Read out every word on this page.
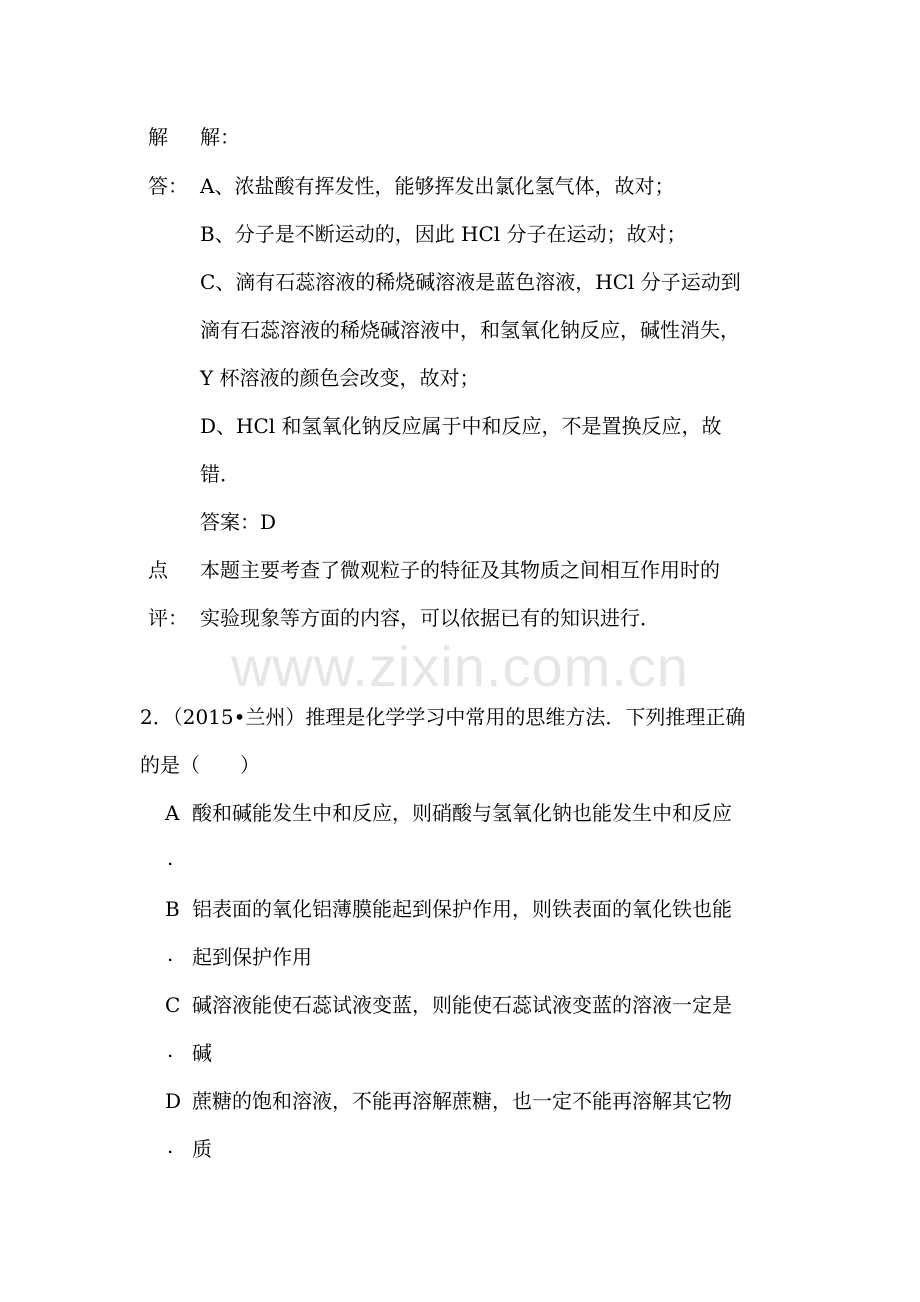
www.zixin.com.cn
解
答：
解：
A、浓盐酸有挥发性，能够挥发出氯化氢气体，故对；
B、分子是不断运动的，因此 HCl 分子在运动；故对；
C、滴有石蕊溶液的稀烧碱溶液是蓝色溶液，HCl 分子运动到
滴有石蕊溶液的稀烧碱溶液中，和氢氧化钠反应，碱性消失，
Y 杯溶液的颜色会改变，故对；
D、HCl 和氢氧化钠反应属于中和反应，不是置换反应，故
错．
答案：D
点
评：
本题主要考查了微观粒子的特征及其物质之间相互作用时的
实验现象等方面的内容，可以依据已有的知识进行．
2．（2015•兰州）推理是化学学习中常用的思维方法．下列推理正确
的是（　　）
A
.
酸和碱能发生中和反应，则硝酸与氢氧化钠也能发生中和反应
B
.
铝表面的氧化铝薄膜能起到保护作用，则铁表面的氧化铁也能
起到保护作用
C
.
碱溶液能使石蕊试液变蓝，则能使石蕊试液变蓝的溶液一定是
碱
D
.
蔗糖的饱和溶液，不能再溶解蔗糖，也一定不能再溶解其它物
质
